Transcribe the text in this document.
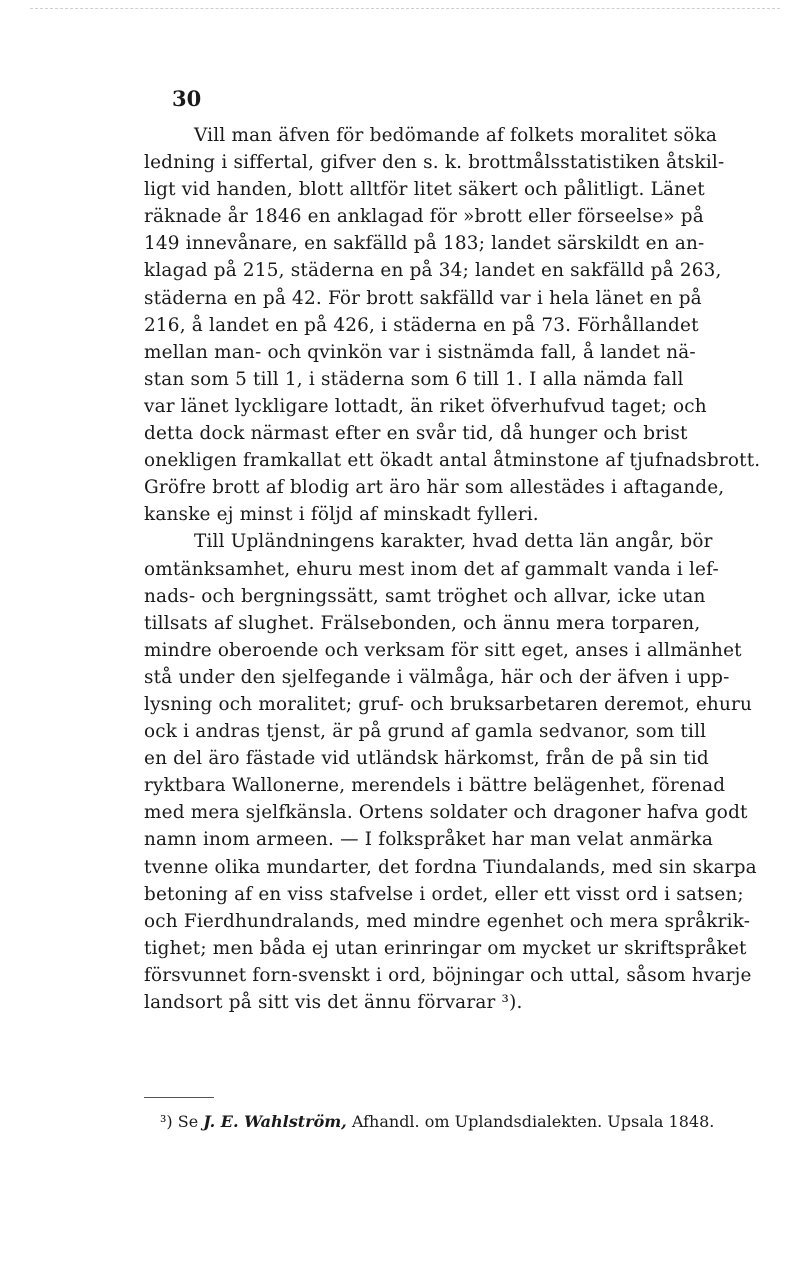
30
Vill man äfven för bedömande af folkets moralitet söka
ledning i siffertal, gifver den s. k. brottmålsstatistiken åtskil-
ligt vid handen, blott alltför litet säkert och pålitligt. Länet
räknade år 1846 en anklagad för »brott eller förseelse» på
149 innevånare, en sakfälld på 183; landet särskildt en an-
klagad på 215, städerna en på 34; landet en sakfälld på 263,
städerna en på 42. För brott sakfälld var i hela länet en på
216, å landet en på 426, i städerna en på 73. Förhållandet
mellan man- och qvinkön var i sistnämda fall, å landet nä-
stan som 5 till 1, i städerna som 6 till 1. I alla nämda fall
var länet lyckligare lottadt, än riket öfverhufvud taget; och
detta dock närmast efter en svår tid, då hunger och brist
onekligen framkallat ett ökadt antal åtminstone af tjufnadsbrott.
Gröfre brott af blodig art äro här som allestädes i aftagande,
kanske ej minst i följd af minskadt fylleri.
Till Upländningens karakter, hvad detta län angår, bör
omtänksamhet, ehuru mest inom det af gammalt vanda i lef-
nads- och bergningssätt, samt tröghet och allvar, icke utan
tillsats af slughet. Frälsebonden, och ännu mera torparen,
mindre oberoende och verksam för sitt eget, anses i allmänhet
stå under den sjelfegande i välmåga, här och der äfven i upp-
lysning och moralitet; gruf- och bruksarbetaren deremot, ehuru
ock i andras tjenst, är på grund af gamla sedvanor, som till
en del äro fästade vid utländsk härkomst, från de på sin tid
ryktbara Wallonerne, merendels i bättre belägenhet, förenad
med mera sjelfkänsla. Ortens soldater och dragoner hafva godt
namn inom armeen. — I folkspråket har man velat anmärka
tvenne olika mundarter, det fordna Tiundalands, med sin skarpa
betoning af en viss stafvelse i ordet, eller ett visst ord i satsen;
och Fierdhundralands, med mindre egenhet och mera språkrik-
tighet; men båda ej utan erinringar om mycket ur skriftspråket
försvunnet forn-svenskt i ord, böjningar och uttal, såsom hvarje
landsort på sitt vis det ännu förvarar ³).
³) Se J. E. Wahlström, Afhandl. om Uplandsdialekten. Upsala 1848.
